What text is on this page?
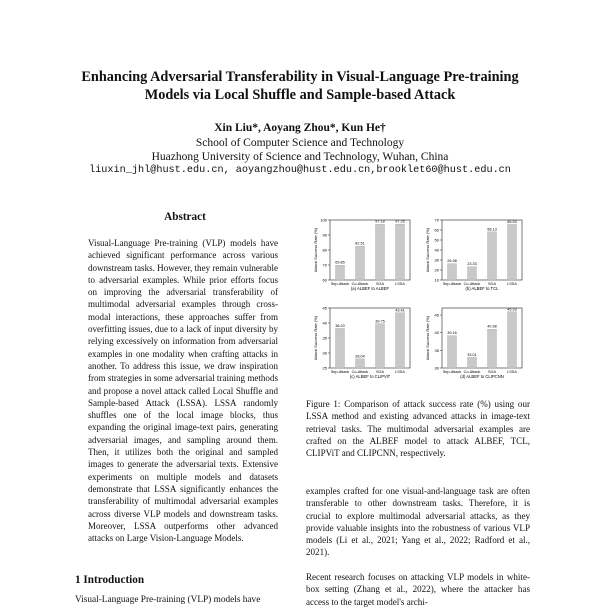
Enhancing Adversarial Transferability in Visual-Language Pre-training
Models via Local Shuffle and Sample-based Attack
Xin Liu*, Aoyang Zhou*, Kun He†
School of Computer Science and Technology
Huazhong University of Science and Technology, Wuhan, China
liuxin_jhl@hust.edu.cn, aoyangzhou@hust.edu.cn,brooklet60@hust.edu.cn
Abstract
Visual-Language Pre-training (VLP) models have achieved significant performance across various downstream tasks. However, they remain vulnerable to adversarial examples. While prior efforts focus on improving the adversarial transferability of multimodal adversarial examples through cross-modal interactions, these approaches suffer from overfitting issues, due to a lack of input diversity by relying excessively on information from adversarial examples in one modality when crafting attacks in another. To address this issue, we draw inspiration from strategies in some adversarial training methods and propose a novel attack called Local Shuffle and Sample-based Attack (LSSA). LSSA randomly shuffles one of the local image blocks, thus expanding the original image-text pairs, generating adversarial images, and sampling around them. Then, it utilizes both the original and sampled images to generate the adversarial texts. Extensive experiments on multiple models and datasets demonstrate that LSSA significantly enhances the transferability of multimodal adversarial examples across diverse VLP models and downstream tasks. Moreover, LSSA outperforms other advanced attacks on Large Vision-Language Models.
1 Introduction
Visual-Language Pre-training (VLP) models have
60
70
80
90
100
Attack Success Rate (%)	69.85
Sep-Attack
82.51
Co-Attack
97.18
SGA
97.26
LSSA
(a) ALBEF to ALBEF
10
20
30
40
50
60
70
Attack Success Rate (%)	26.38
Sep-Attack
23.33
Co-Attack
58.13
SGA
65.53
LSSA
(b) ALBEF to TCL
25
30
35
40
45
Attack Success Rate (%)	38.20
Sep-Attack
28.04
Co-Attack
39.75
SGA
43.41
LSSA
(c) ALBEF to CLIPViT
30
35
40
45
Attack Success Rate (%)	39.16
Sep-Attack
33.01
Co-Attack
40.98
SGA
45.93
LSSA
(d) ALBEF to CLIPCNN
Figure 1: Comparison of attack success rate (%) using our LSSA method and existing advanced attacks in image-text retrieval tasks. The multimodal adversarial examples are crafted on the ALBEF model to attack ALBEF, TCL, CLIPViT and CLIPCNN, respectively.
examples crafted for one visual-and-language task are often transferable to other downstream tasks. Therefore, it is crucial to explore multimodal adversarial attacks, as they provide valuable insights into the robustness of various VLP models (Li et al., 2021; Yang et al., 2022; Radford et al., 2021).
Recent research focuses on attacking VLP models in white-box setting (Zhang et al., 2022), where the attacker has access to the target model's archi-
